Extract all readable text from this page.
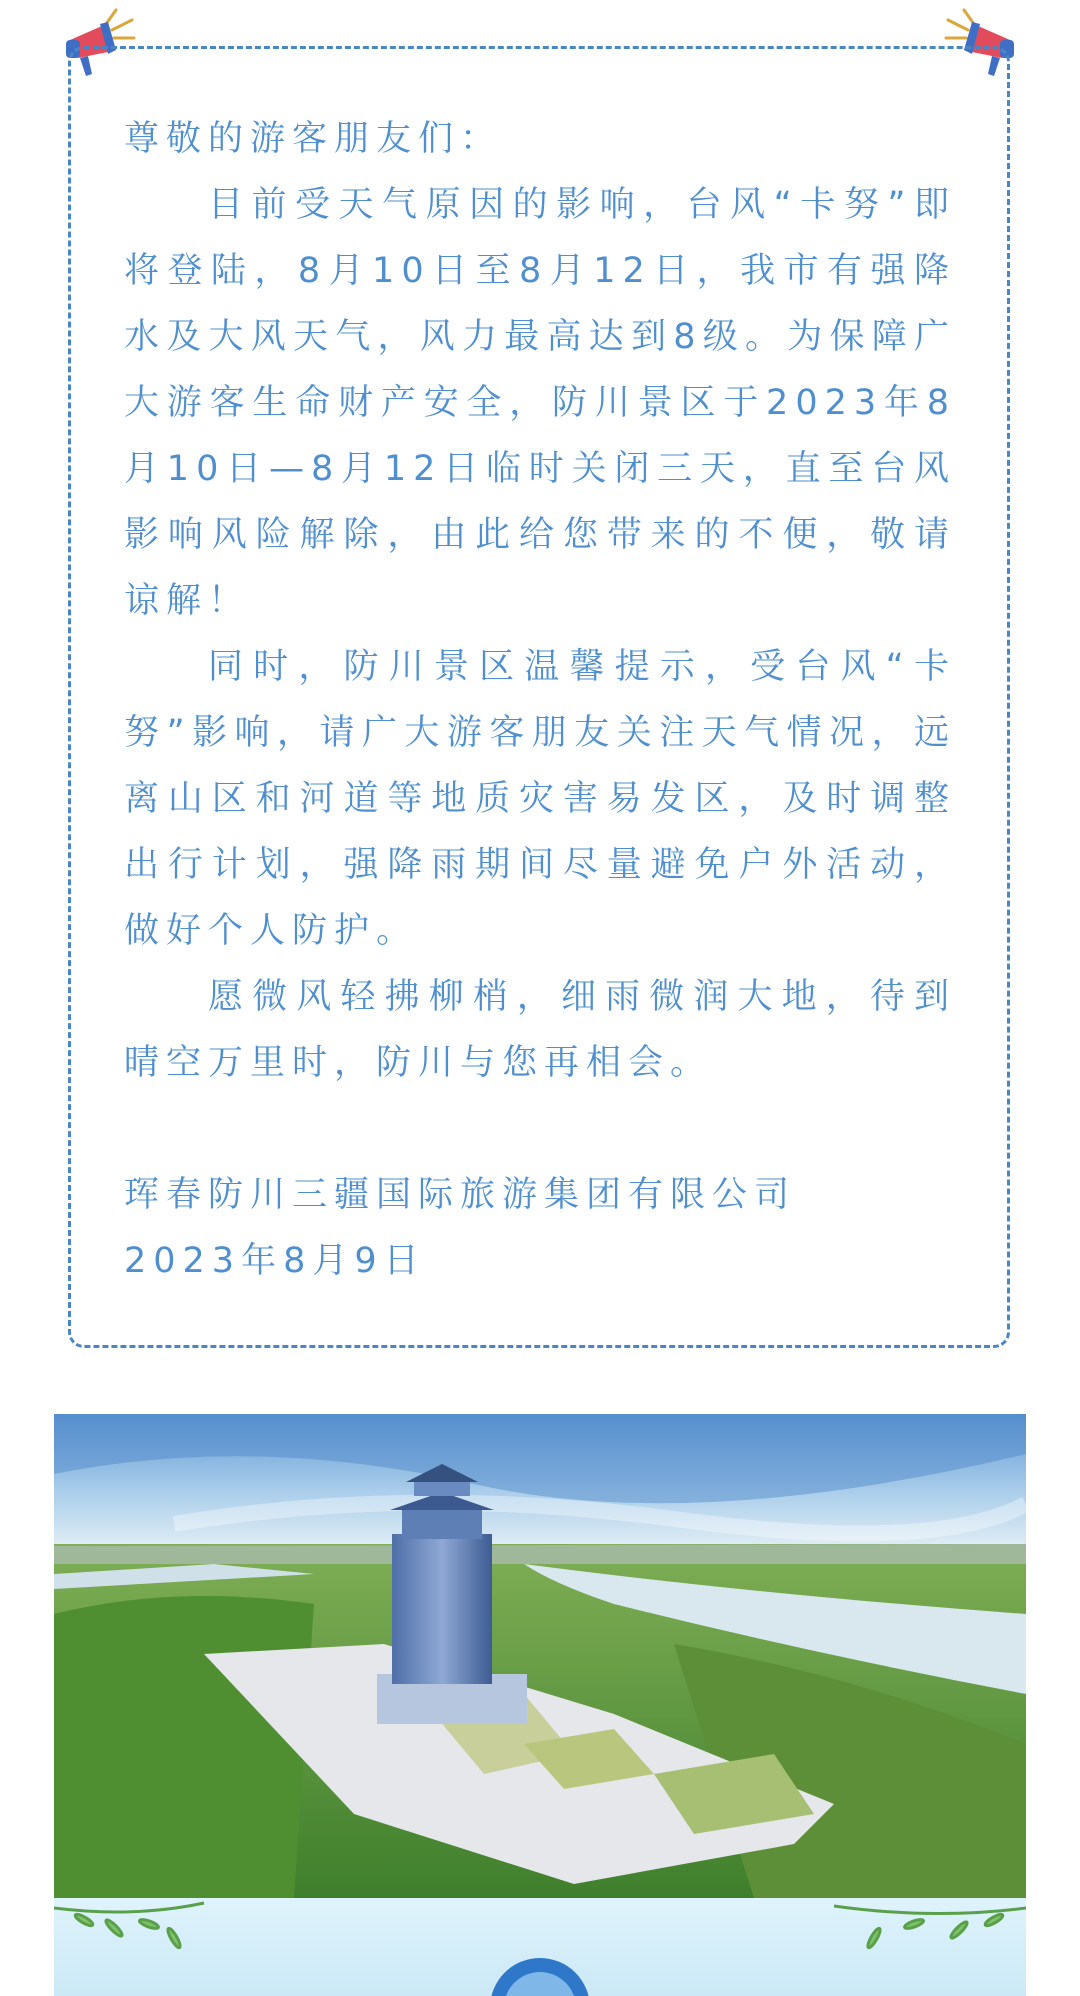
尊敬的游客朋友们：

目前受天气原因的影响，台风“卡努”即将登陆，8月10日至8月12日，我市有强降水及大风天气，风力最高达到8级。为保障广大游客生命财产安全，防川景区于2023年8月10日—8月12日临时关闭三天，直至台风影响风险解除，由此给您带来的不便，敬请谅解！

同时，防川景区温馨提示，受台风“卡努”影响，请广大游客朋友关注天气情况，远离山区和河道等地质灾害易发区，及时调整出行计划，强降雨期间尽量避免户外活动，做好个人防护。

愿微风轻拂柳梢，细雨微润大地，待到晴空万里时，防川与您再相会。

珲春防川三疆国际旅游集团有限公司

2023年8月9日
